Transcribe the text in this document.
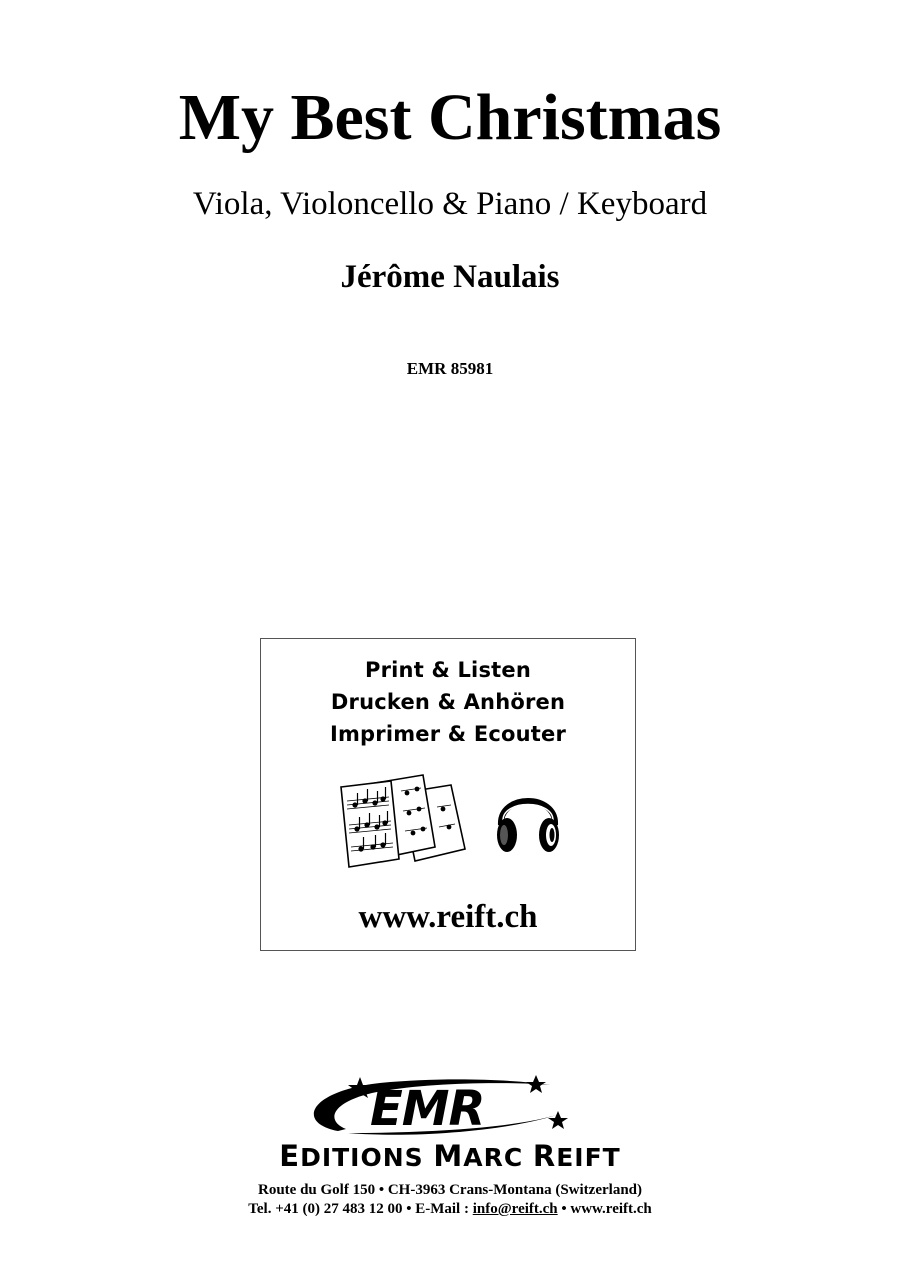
My Best Christmas
Viola, Violoncello & Piano / Keyboard
Jérôme Naulais
EMR 85981
Print & Listen
Drucken & Anhören
Imprimer & Ecouter
www.reift.ch
EMR
EDITIONS MARC REIFT
Route du Golf 150 • CH-3963 Crans-Montana (Switzerland)
Tel. +41 (0) 27 483 12 00 • E-Mail : info@reift.ch • www.reift.ch
